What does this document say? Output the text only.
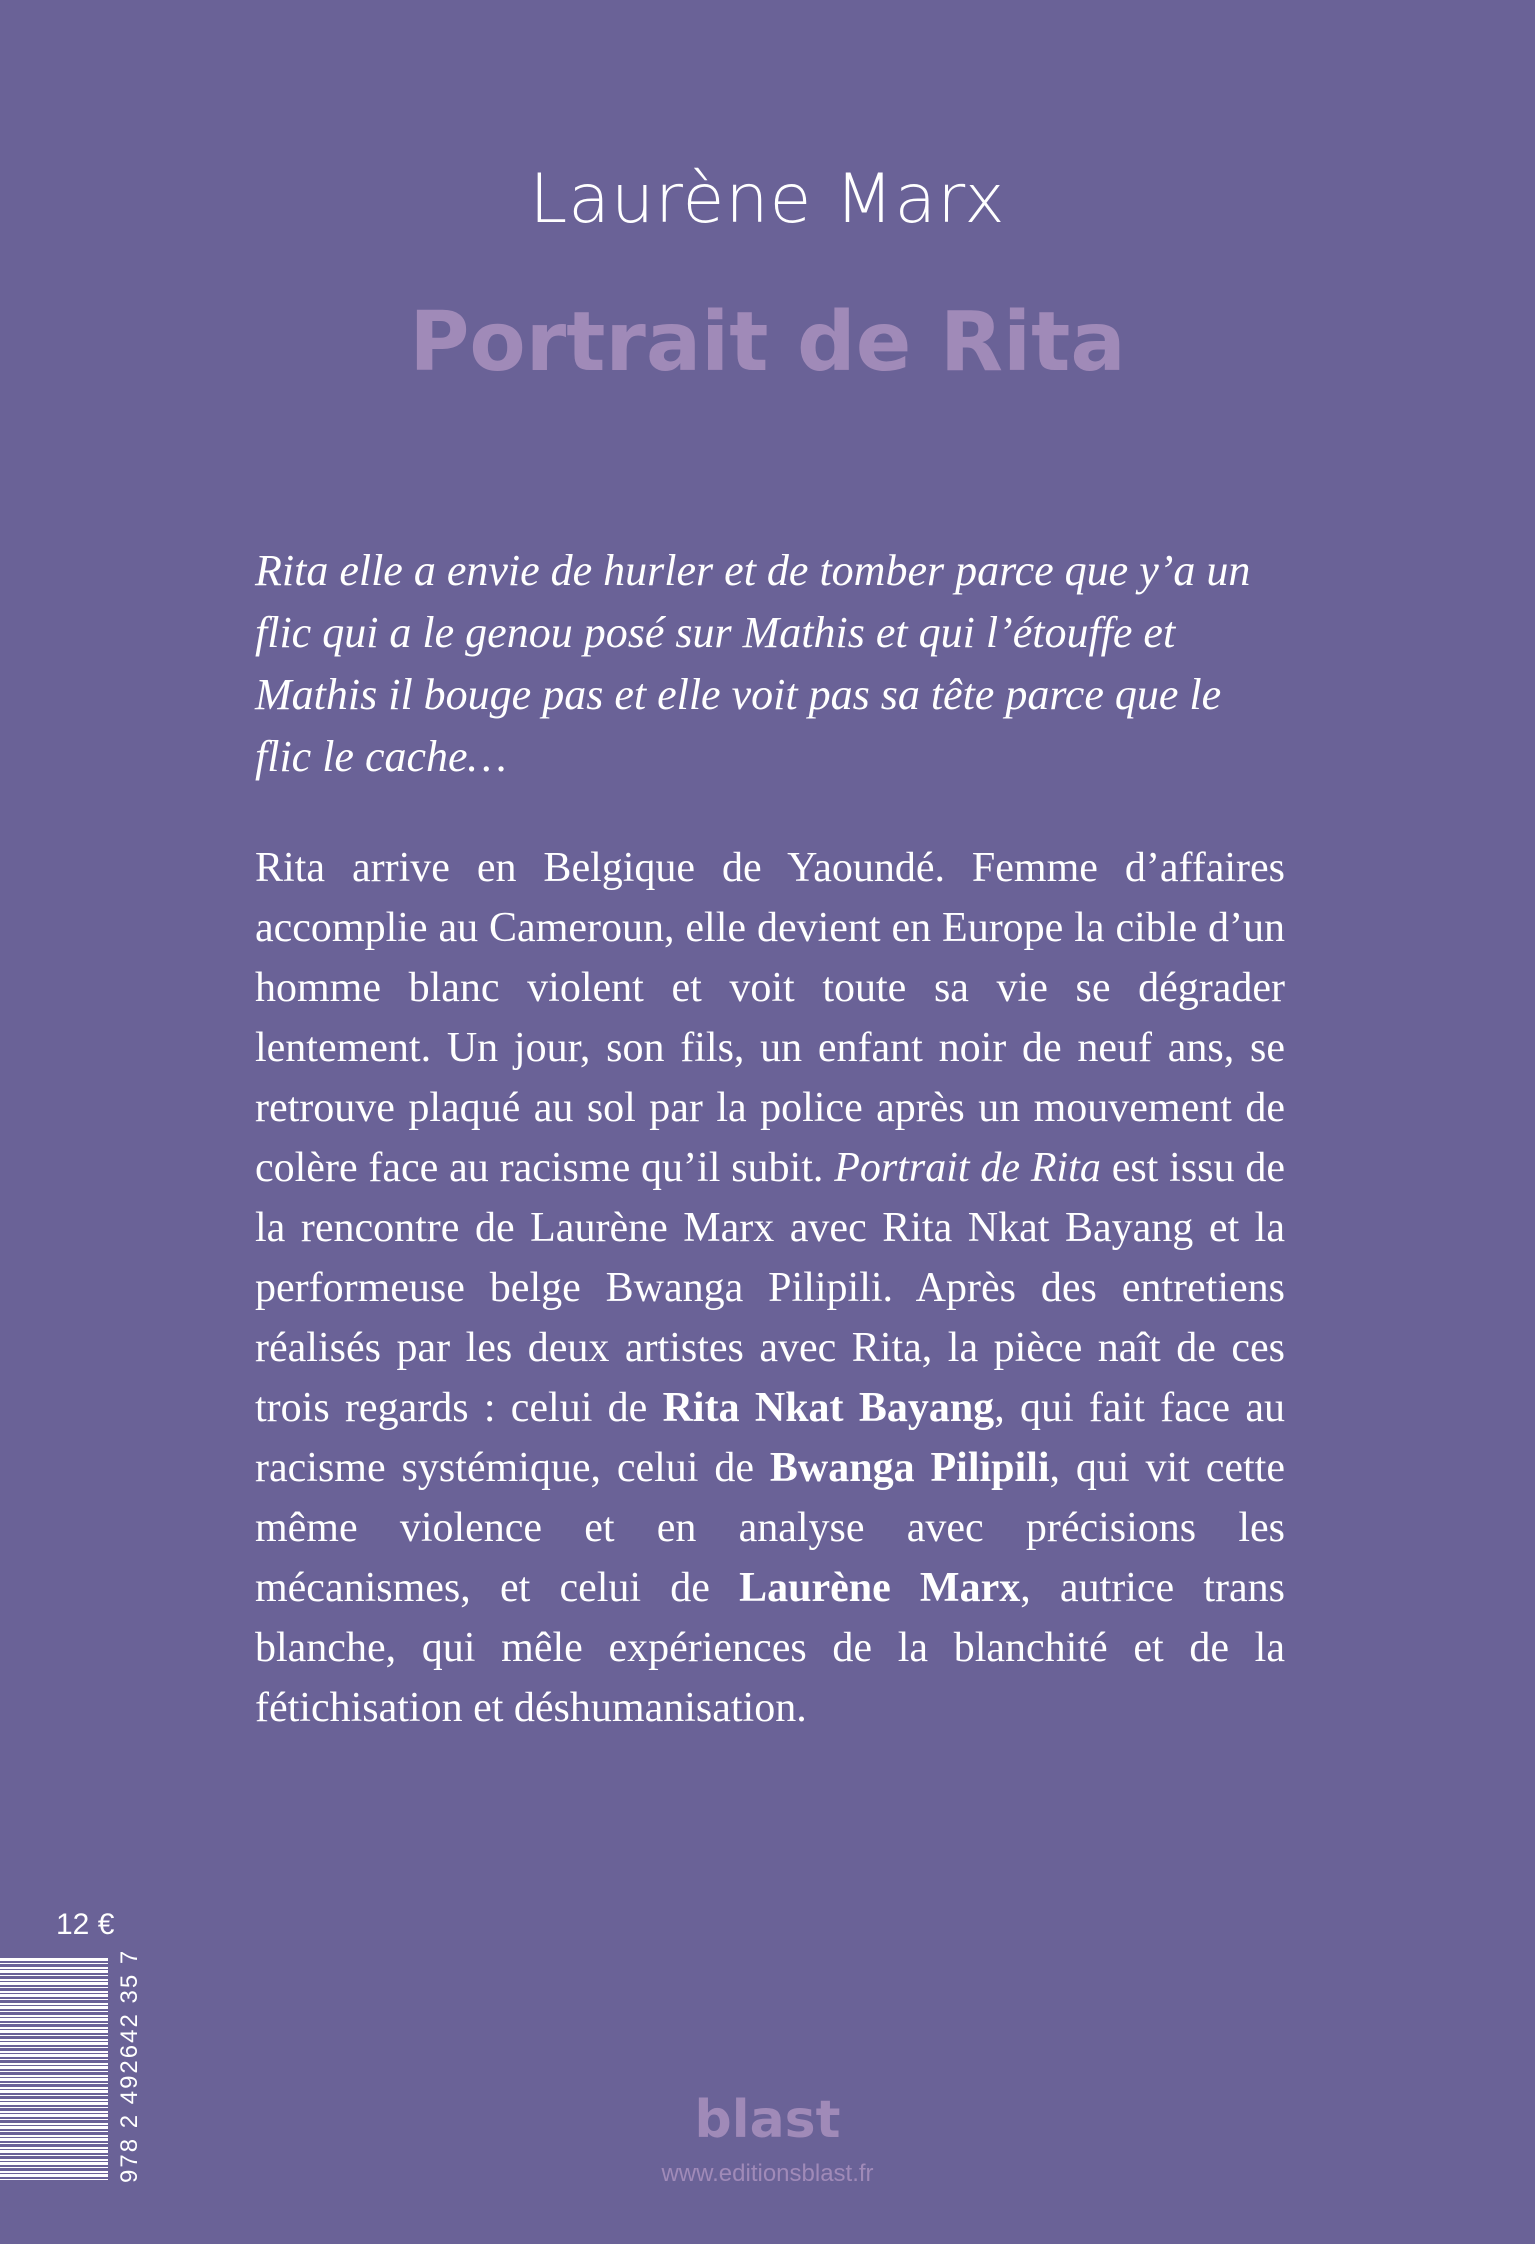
Laurène Marx
Portrait de Rita

Rita elle a envie de hurler et de tomber parce que y’a un flic qui a le genou posé sur Mathis et qui l’étouffe et Mathis il bouge pas et elle voit pas sa tête parce que le flic le cache…

Rita arrive en Belgique de Yaoundé. Femme d’affaires accomplie au Cameroun, elle devient en Europe la cible d’un homme blanc violent et voit toute sa vie se dégrader lentement. Un jour, son fils, un enfant noir de neuf ans, se retrouve plaqué au sol par la police après un mouvement de colère face au racisme qu’il subit. Portrait de Rita est issu de la rencontre de Laurène Marx avec Rita Nkat Bayang et la performeuse belge Bwanga Pilipili. Après des entretiens réalisés par les deux artistes avec Rita, la pièce naît de ces trois regards : celui de Rita Nkat Bayang, qui fait face au racisme systémique, celui de Bwanga Pilipili, qui vit cette même violence et en analyse avec précisions les mécanismes, et celui de Laurène Marx, autrice trans blanche, qui mêle expériences de la blanchité et de la fétichisation et déshumanisation.

12 €
978 2 492642 35 7	blast
www.editionsblast.fr
